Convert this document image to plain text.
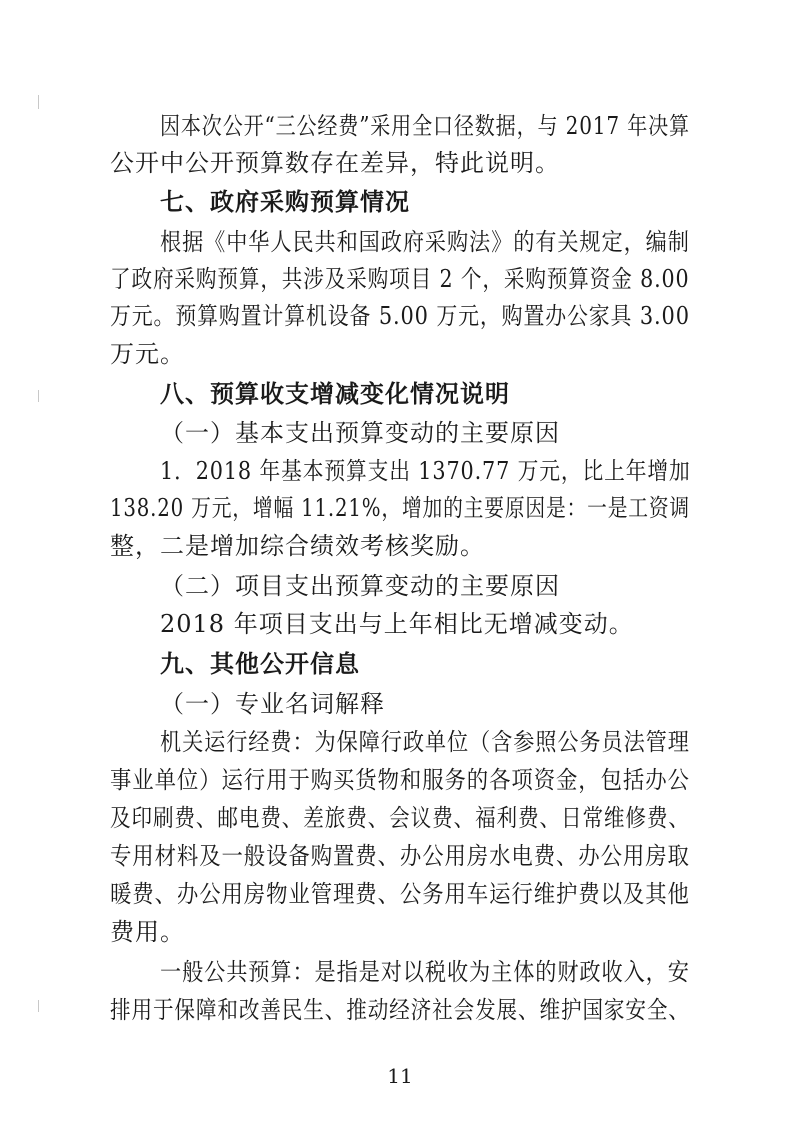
因本次公开“三公经费”采用全口径数据，与 2017 年决算
公开中公开预算数存在差异，特此说明。
七、政府采购预算情况
根据《中华人民共和国政府采购法》的有关规定，编制
了政府采购预算，共涉及采购项目 2 个，采购预算资金 8.00
万元。预算购置计算机设备 5.00 万元，购置办公家具 3.00
万元。
八、预算收支增减变化情况说明
（一）基本支出预算变动的主要原因
1．2018 年基本预算支出 1370.77 万元，比上年增加
138.20 万元，增幅 11.21%，增加的主要原因是：一是工资调
整，二是增加综合绩效考核奖励。
（二）项目支出预算变动的主要原因
2018 年项目支出与上年相比无增减变动。
九、其他公开信息
（一）专业名词解释
机关运行经费：为保障行政单位（含参照公务员法管理
事业单位）运行用于购买货物和服务的各项资金，包括办公
及印刷费、邮电费、差旅费、会议费、福利费、日常维修费、
专用材料及一般设备购置费、办公用房水电费、办公用房取
暖费、办公用房物业管理费、公务用车运行维护费以及其他
费用。
一般公共预算：是指是对以税收为主体的财政收入，安
排用于保障和改善民生、推动经济社会发展、维护国家安全、
11
